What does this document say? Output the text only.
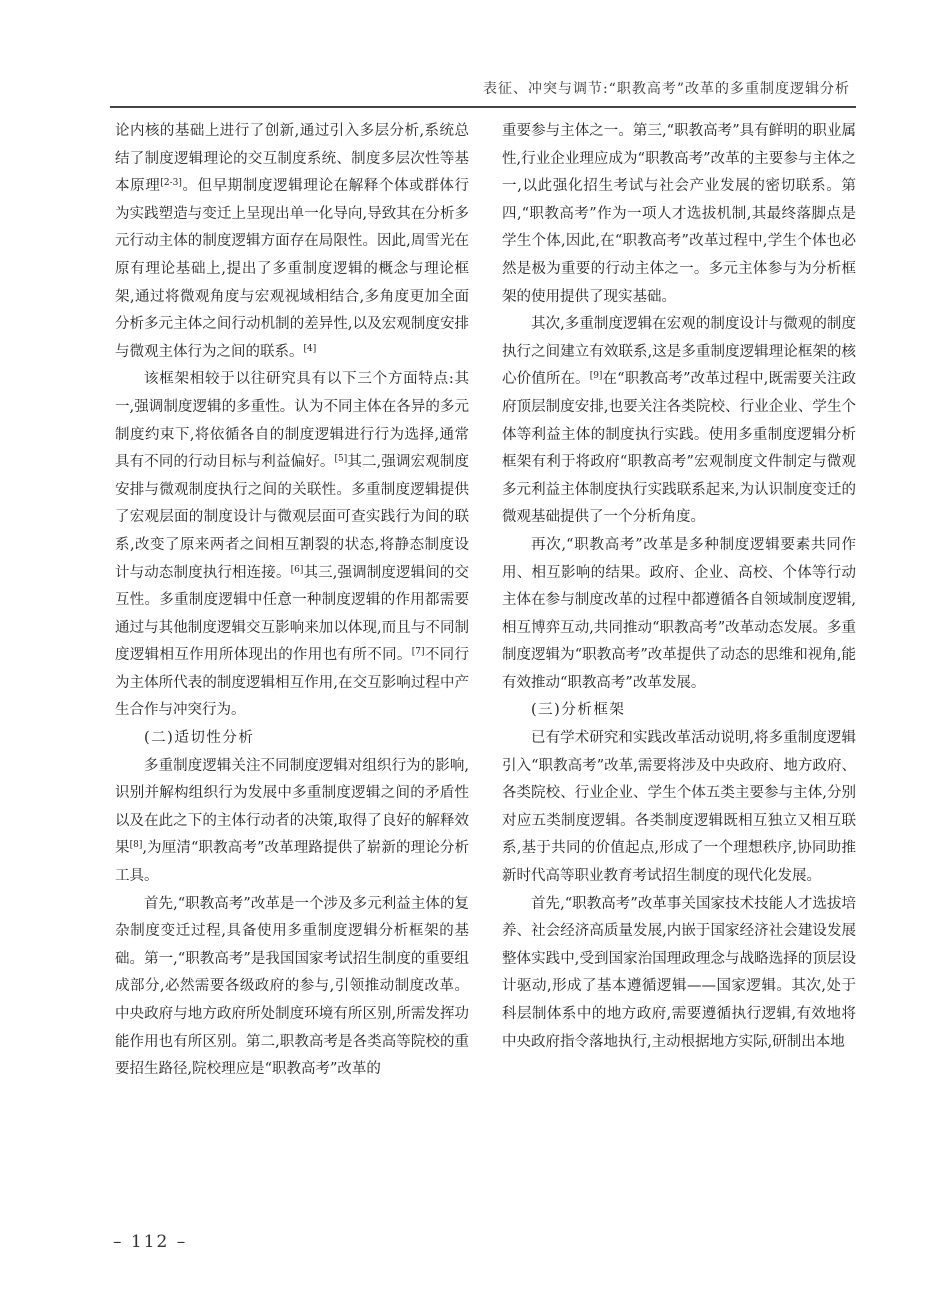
表征、冲突与调节:“职教高考”改革的多重制度逻辑分析

论内核的基础上进行了创新,通过引入多层分析,系统总结了制度逻辑理论的交互制度系统、制度多层次性等基本原理[2-3]。但早期制度逻辑理论在解释个体或群体行为实践塑造与变迁上呈现出单一化导向,导致其在分析多元行动主体的制度逻辑方面存在局限性。因此,周雪光在原有理论基础上,提出了多重制度逻辑的概念与理论框架,通过将微观角度与宏观视域相结合,多角度更加全面分析多元主体之间行动机制的差异性,以及宏观制度安排与微观主体行为之间的联系。[4]

该框架相较于以往研究具有以下三个方面特点:其一,强调制度逻辑的多重性。认为不同主体在各异的多元制度约束下,将依循各自的制度逻辑进行行为选择,通常具有不同的行动目标与利益偏好。[5]其二,强调宏观制度安排与微观制度执行之间的关联性。多重制度逻辑提供了宏观层面的制度设计与微观层面可查实践行为间的联系,改变了原来两者之间相互割裂的状态,将静态制度设计与动态制度执行相连接。[6]其三,强调制度逻辑间的交互性。多重制度逻辑中任意一种制度逻辑的作用都需要通过与其他制度逻辑交互影响来加以体现,而且与不同制度逻辑相互作用所体现出的作用也有所不同。[7]不同行为主体所代表的制度逻辑相互作用,在交互影响过程中产生合作与冲突行为。

(二)适切性分析

多重制度逻辑关注不同制度逻辑对组织行为的影响,识别并解构组织行为发展中多重制度逻辑之间的矛盾性以及在此之下的主体行动者的决策,取得了良好的解释效果[8],为厘清“职教高考”改革理路提供了崭新的理论分析工具。

首先,“职教高考”改革是一个涉及多元利益主体的复杂制度变迁过程,具备使用多重制度逻辑分析框架的基础。第一,“职教高考”是我国国家考试招生制度的重要组成部分,必然需要各级政府的参与,引领推动制度改革。中央政府与地方政府所处制度环境有所区别,所需发挥功能作用也有所区别。第二,职教高考是各类高等院校的重要招生路径,院校理应是“职教高考”改革的

重要参与主体之一。第三,“职教高考”具有鲜明的职业属性,行业企业理应成为“职教高考”改革的主要参与主体之一,以此强化招生考试与社会产业发展的密切联系。第四,“职教高考”作为一项人才选拔机制,其最终落脚点是学生个体,因此,在“职教高考”改革过程中,学生个体也必然是极为重要的行动主体之一。多元主体参与为分析框架的使用提供了现实基础。

其次,多重制度逻辑在宏观的制度设计与微观的制度执行之间建立有效联系,这是多重制度逻辑理论框架的核心价值所在。[9]在“职教高考”改革过程中,既需要关注政府顶层制度安排,也要关注各类院校、行业企业、学生个体等利益主体的制度执行实践。使用多重制度逻辑分析框架有利于将政府“职教高考”宏观制度文件制定与微观多元利益主体制度执行实践联系起来,为认识制度变迁的微观基础提供了一个分析角度。

再次,“职教高考”改革是多种制度逻辑要素共同作用、相互影响的结果。政府、企业、高校、个体等行动主体在参与制度改革的过程中都遵循各自领域制度逻辑,相互博弈互动,共同推动“职教高考”改革动态发展。多重制度逻辑为“职教高考”改革提供了动态的思维和视角,能有效推动“职教高考”改革发展。

(三)分析框架

已有学术研究和实践改革活动说明,将多重制度逻辑引入“职教高考”改革,需要将涉及中央政府、地方政府、各类院校、行业企业、学生个体五类主要参与主体,分别对应五类制度逻辑。各类制度逻辑既相互独立又相互联系,基于共同的价值起点,形成了一个理想秩序,协同助推新时代高等职业教育考试招生制度的现代化发展。

首先,“职教高考”改革事关国家技术技能人才选拔培养、社会经济高质量发展,内嵌于国家经济社会建设发展整体实践中,受到国家治国理政理念与战略选择的顶层设计驱动,形成了基本遵循逻辑——国家逻辑。其次,处于科层制体系中的地方政府,需要遵循执行逻辑,有效地将中央政府指令落地执行,主动根据地方实际,研制出本地

– 112 –
